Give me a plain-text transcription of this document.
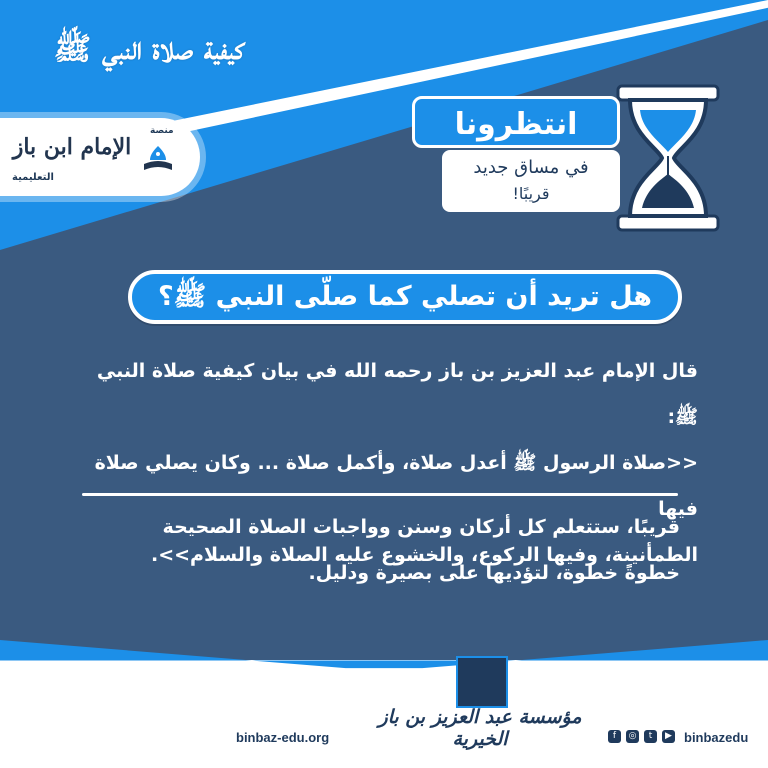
كيفية صلاة النبي ﷺ
منصة
الإمام ابن باز
التعليمية
انتظرونا
في مساق جديد
قريبًا!
هل تريد أن تصلي كما صلّى النبي ﷺ؟

قال الإمام عبد العزيز بن باز رحمه الله في بيان كيفية صلاة النبي ﷺ:

<<صلاة الرسول ﷺ أعدل صلاة، وأكمل صلاة ... وكان يصلي صلاة فيها

الطمأنينة، وفيها الركوع، والخشوع عليه الصلاة والسلام>>.

قريبًا، ستتعلم كل أركان وسنن وواجبات الصلاة الصحيحة

خطوةً خطوة، لتؤديها على بصيرة ودليل.

مؤسسة عبد العزيز بن باز الخيرية
binbaz-edu.org	f	◎	t	▶ binbazedu
